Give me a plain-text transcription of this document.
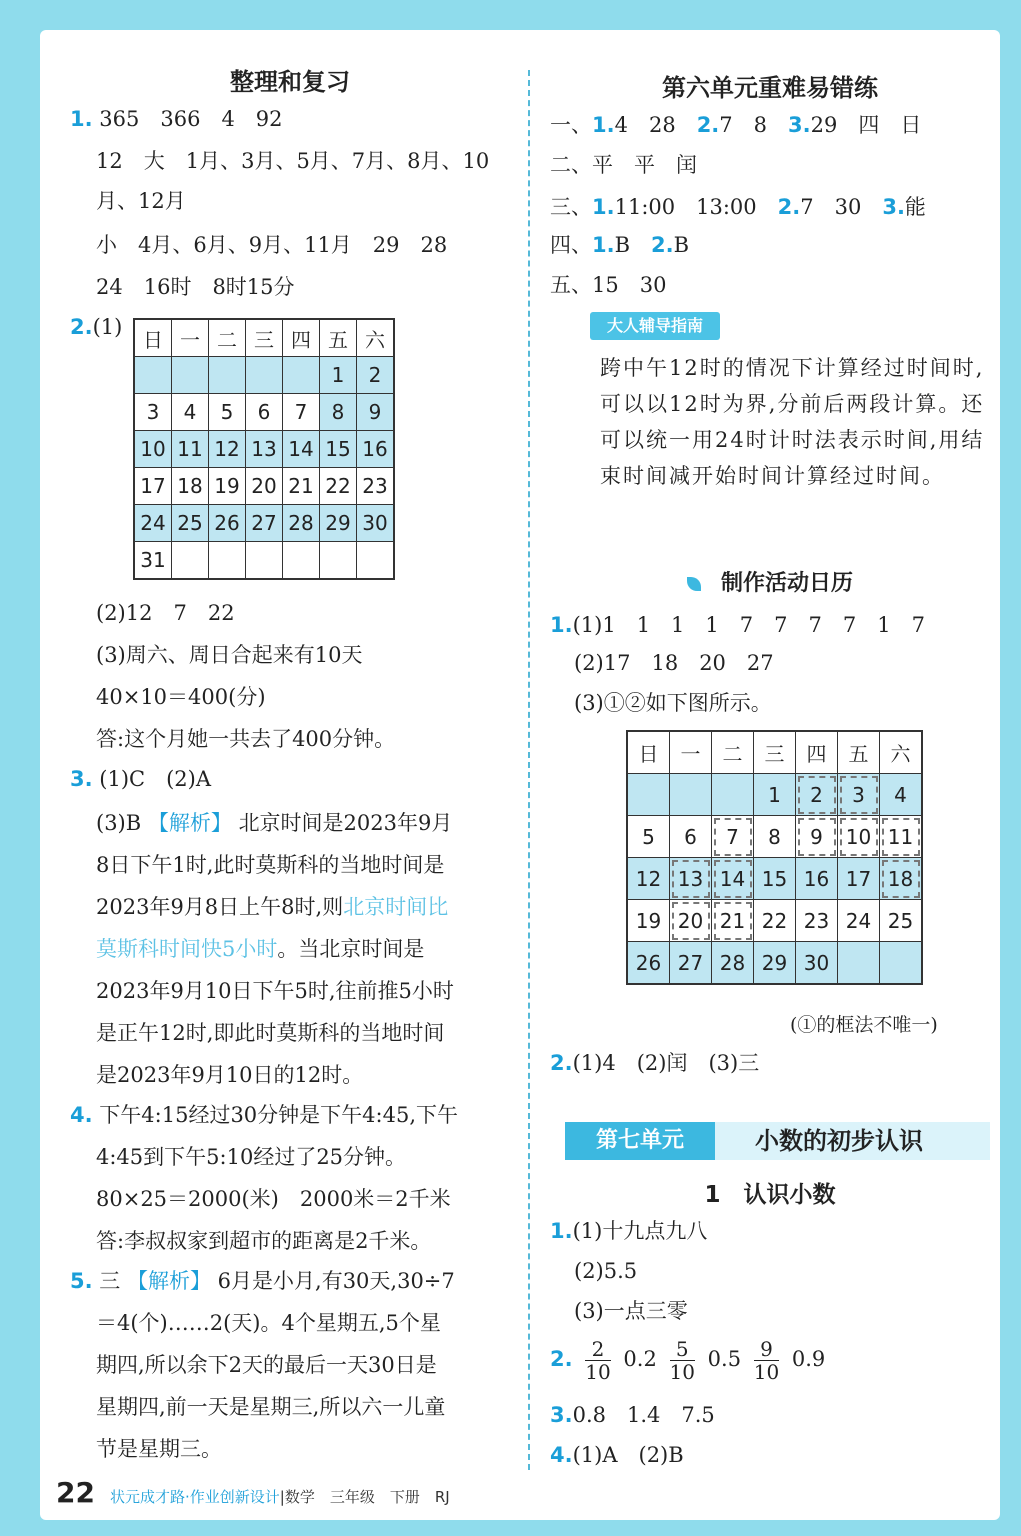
整理和复习
1. 365　366　4　92
12　大　1月、3月、5月、7月、8月、10
月、12月
小　4月、6月、9月、11月　29　28
24　16时　8时15分
2.(1)
日	一	二	三	四	五	六
					1	2
3	4	5	6	7	8	9
10	11	12	13	14	15	16
17	18	19	20	21	22	23
24	25	26	27	28	29	30
31						
(2)12　7　22
(3)周六、周日合起来有10天
40×10＝400(分)
答:这个月她一共去了400分钟。
3. (1)C　(2)A
(3)B 【解析】 北京时间是2023年9月
8日下午1时,此时莫斯科的当地时间是
2023年9月8日上午8时,则北京时间比
莫斯科时间快5小时。当北京时间是
2023年9月10日下午5时,往前推5小时
是正午12时,即此时莫斯科的当地时间
是2023年9月10日的12时。
4. 下午4:15经过30分钟是下午4:45,下午
4:45到下午5:10经过了25分钟。
80×25＝2000(米)　2000米＝2千米
答:李叔叔家到超市的距离是2千米。
5. 三 【解析】 6月是小月,有30天,30÷7
＝4(个)……2(天)。4个星期五,5个星
期四,所以余下2天的最后一天30日是
星期四,前一天是星期三,所以六一儿童
节是星期三。
第六单元重难易错练
一、1.4　28　 2.7　8　 3.29　四　日
二、平　平　闰
三、1.11:00　13:00　 2.7　30　 3.能
四、1.B　 2.B
五、15　30
大人辅导指南
跨中午12时的情况下计算经过时间时,可以以12时为界,分前后两段计算。还可以统一用24时计时法表示时间,用结束时间减开始时间计算经过时间。
制作活动日历
1.(1)1　1　1　1　7　7　7　7　1　7
(2)17　18　20　27
(3)①②如下图所示。
日	一	二	三	四	五	六
			1	2	3	4
5	6	7	8	9	10	11
12	13	14	15	16	17	18
19	20	21	22	23	24	25
26	27	28	29	30		
(①的框法不唯一)
2.(1)4　(2)闰　(3)三
第七单元	小数的初步认识
1　认识小数
1.(1)十九点九八
(2)5.5
(3)一点三零
2. $\frac{2}{10} 0.2 \frac{5}{10} 0.5 \frac{9}{10} 0.9$
3.0.8　1.4　7.5
4.(1)A　(2)B
22 状元成才路·作业创新设计|数学　三年级　下册　RJ
